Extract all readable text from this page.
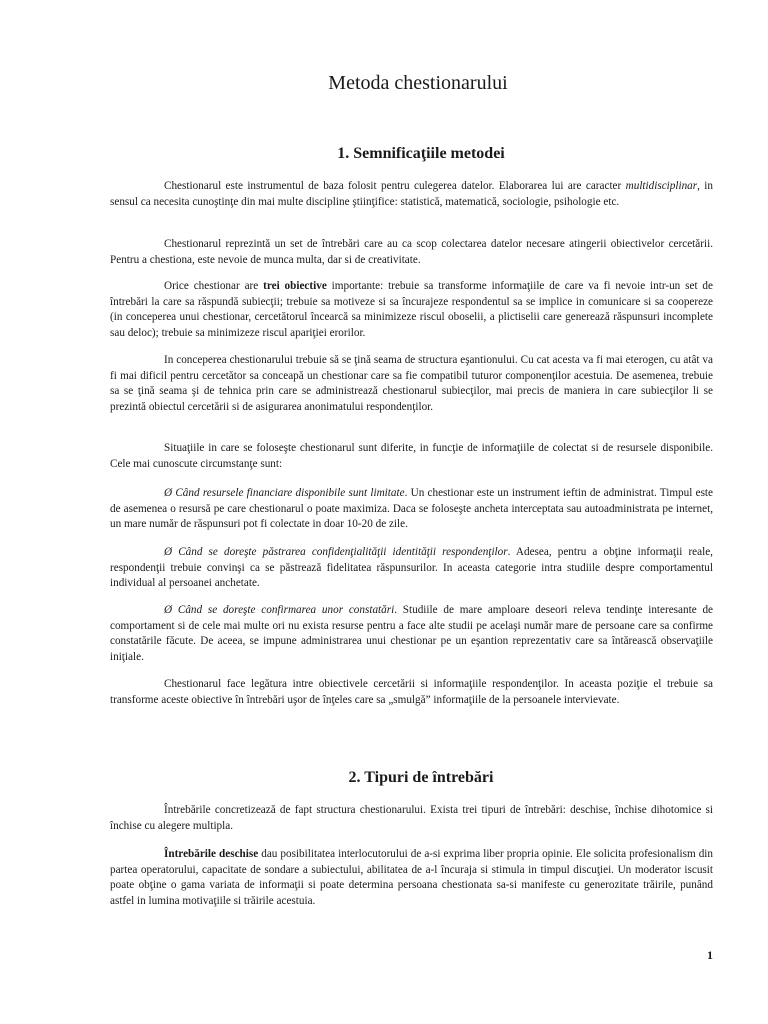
Metoda chestionarului
1. Semnificaţiile metodei

Chestionarul este instrumentul de baza folosit pentru culegerea datelor. Elaborarea lui are caracter multidisciplinar, in sensul ca necesita cunoştinţe din mai multe discipline ştiinţifice: statistică, matematică, sociologie, psihologie etc.

Chestionarul reprezintă un set de întrebări care au ca scop colectarea datelor necesare atingerii obiectivelor cercetării. Pentru a chestiona, este nevoie de munca multa, dar si de creativitate.

Orice chestionar are trei obiective importante: trebuie sa transforme informaţiile de care va fi nevoie intr-un set de întrebări la care sa răspundă subiecţii; trebuie sa motiveze si sa încurajeze respondentul sa se implice in comunicare si sa coopereze (in conceperea unui chestionar, cercetătorul încearcă sa minimizeze riscul oboselii, a plictiselii care generează răspunsuri incomplete sau deloc); trebuie sa minimizeze riscul apariţiei erorilor.

In conceperea chestionarului trebuie să se ţină seama de structura eşantionului. Cu cat acesta va fi mai eterogen, cu atât va fi mai dificil pentru cercetător sa conceapă un chestionar care sa fie compatibil tuturor componenţilor acestuia. De asemenea, trebuie sa se ţină seama şi de tehnica prin care se administrează chestionarul subiecţilor, mai precis de maniera in care subiecţilor li se prezintă obiectul cercetării si de asigurarea anonimatului respondenţilor.

Situaţiile in care se foloseşte chestionarul sunt diferite, in funcţie de informaţiile de colectat si de resursele disponibile. Cele mai cunoscute circumstanţe sunt:

Ø Când resursele financiare disponibile sunt limitate. Un chestionar este un instrument ieftin de administrat. Timpul este de asemenea o resursă pe care chestionarul o poate maximiza. Daca se foloseşte ancheta interceptata sau autoadministrata pe internet, un mare număr de răspunsuri pot fi colectate in doar 10-20 de zile.

Ø Când se doreşte păstrarea confidenţialităţii identităţii respondenţilor. Adesea, pentru a obţine informaţii reale, respondenţii trebuie convinşi ca se păstrează fidelitatea răspunsurilor. In aceasta categorie intra studiile despre comportamentul individual al persoanei anchetate.

Ø Când se doreşte confirmarea unor constatări. Studiile de mare amploare deseori releva tendinţe interesante de comportament si de cele mai multe ori nu exista resurse pentru a face alte studii pe acelaşi număr mare de persoane care sa confirme constatările făcute. De aceea, se impune administrarea unui chestionar pe un eşantion reprezentativ care sa întărească observaţiile iniţiale.

Chestionarul face legătura intre obiectivele cercetării si informaţiile respondenţilor. In aceasta poziţie el trebuie sa transforme aceste obiective în întrebări uşor de înţeles care sa „smulgă” informaţiile de la persoanele intervievate.

2. Tipuri de întrebări

Întrebările concretizează de fapt structura chestionarului. Exista trei tipuri de întrebări: deschise, închise dihotomice si închise cu alegere multipla.

Întrebările deschise dau posibilitatea interlocutorului de a-si exprima liber propria opinie. Ele solicita profesionalism din partea operatorului, capacitate de sondare a subiectului, abilitatea de a-l încuraja si stimula in timpul discuţiei. Un moderator iscusit poate obţine o gama variata de informaţii si poate determina persoana chestionata sa-si manifeste cu generozitate trăirile, punând astfel in lumina motivaţiile si trăirile acestuia.

1
